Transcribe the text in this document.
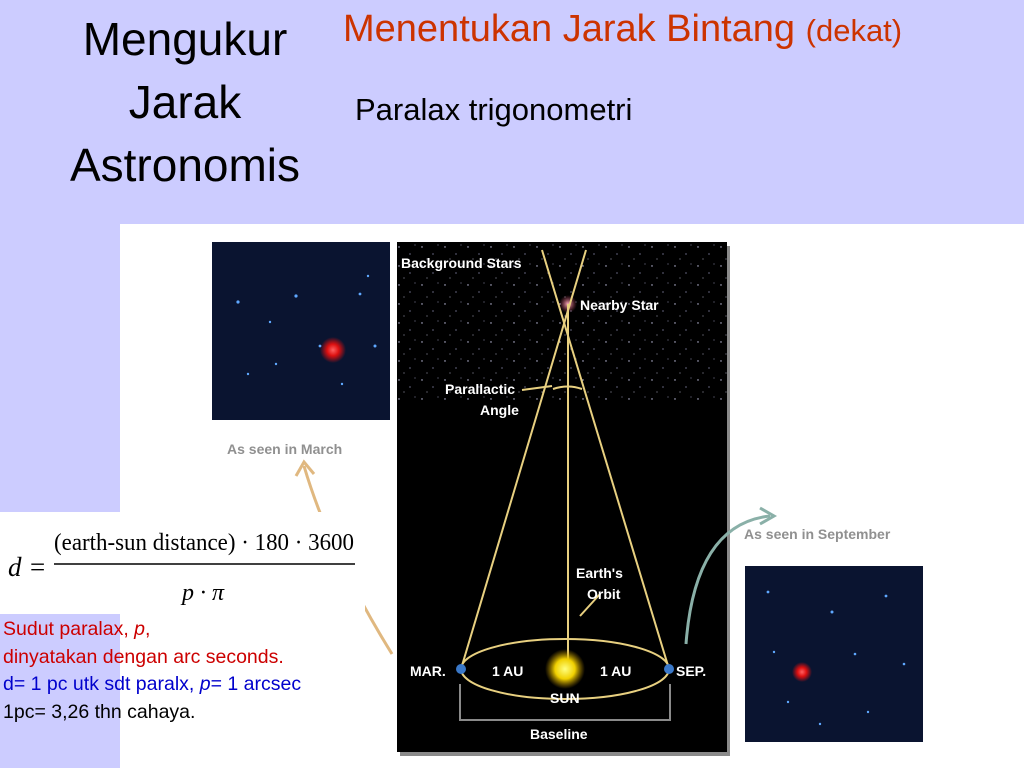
Mengukur
Jarak
Astronomis
Menentukan Jarak Bintang (dekat)
Paralax trigonometri
As seen in March
As seen in September
Background Stars
Nearby Star
Parallactic
Angle
Earth's
Orbit
MAR.	SEP.
1 AU	1 AU
SUN
Baseline
d =
(earth-sun distance) · 180 · 3600
p · π
Sudut paralax, p,
dinyatakan dengan arc seconds.
d= 1 pc utk sdt paralx, p= 1 arcsec
1pc= 3,26 thn cahaya.
